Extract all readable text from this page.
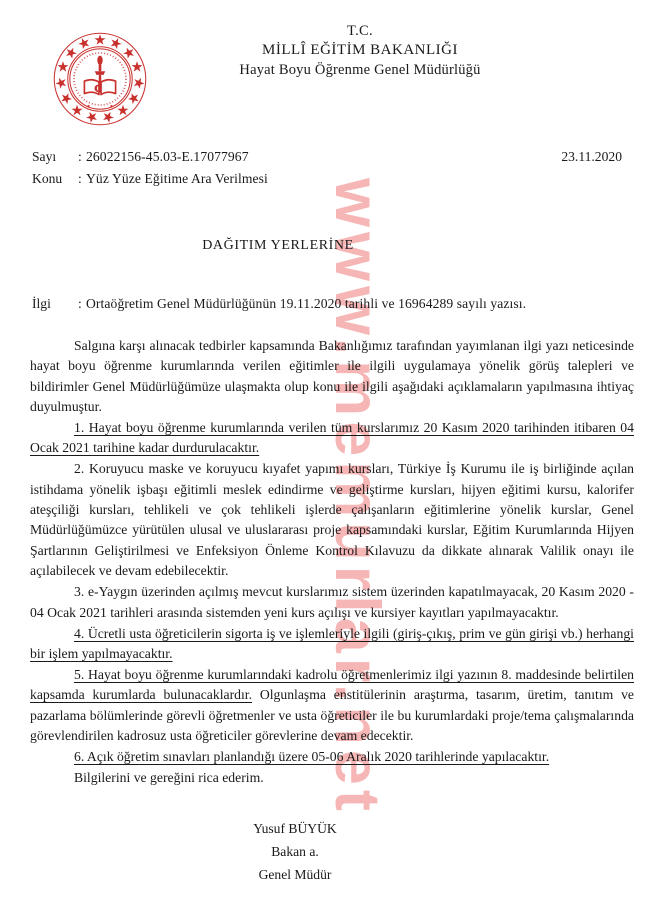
www.memurlar.net
T.C.
MİLLÎ EĞİTİM BAKANLIĞI
Hayat Boyu Öğrenme Genel Müdürlüğü
Sayı	: 26022156-45.03-E.17077967	23.11.2020
Konu	: Yüz Yüze Eğitime Ara Verilmesi
DAĞITIM YERLERİNE
İlgi	: Ortaöğretim Genel Müdürlüğünün 19.11.2020 tarihli ve 16964289 sayılı yazısı.

Salgına karşı alınacak tedbirler kapsamında Bakanlığımız tarafından yayımlanan ilgi yazı neticesinde hayat boyu öğrenme kurumlarında verilen eğitimler ile ilgili uygulamaya yönelik görüş talepleri ve bildirimler Genel Müdürlüğümüze ulaşmakta olup konu ile ilgili aşağıdaki açıklamaların yapılmasına ihtiyaç duyulmuştur.

1. Hayat boyu öğrenme kurumlarında verilen tüm kurslarımız 20 Kasım 2020 tarihinden itibaren 04 Ocak 2021 tarihine kadar durdurulacaktır.

2. Koruyucu maske ve koruyucu kıyafet yapımı kursları, Türkiye İş Kurumu ile iş birliğinde açılan istihdama yönelik işbaşı eğitimli meslek edindirme ve geliştirme kursları, hijyen eğitimi kursu, kalorifer ateşçiliği kursları, tehlikeli ve çok tehlikeli işlerde çalışanların eğitimlerine yönelik kurslar, Genel Müdürlüğümüzce yürütülen ulusal ve uluslararası proje kapsamındaki kurslar, Eğitim Kurumlarında Hijyen Şartlarının Geliştirilmesi ve Enfeksiyon Önleme Kontrol Kılavuzu da dikkate alınarak Valilik onayı ile açılabilecek ve devam edebilecektir.

3. e-Yaygın üzerinden açılmış mevcut kurslarımız sistem üzerinden kapatılmayacak, 20 Kasım 2020 - 04 Ocak 2021 tarihleri arasında sistemden yeni kurs açılışı ve kursiyer kayıtları yapılmayacaktır.

4. Ücretli usta öğreticilerin sigorta iş ve işlemleriyle ilgili (giriş-çıkış, prim ve gün girişi vb.) herhangi bir işlem yapılmayacaktır.

5. Hayat boyu öğrenme kurumlarındaki kadrolu öğretmenlerimiz ilgi yazının 8. maddesinde belirtilen kapsamda kurumlarda bulunacaklardır. Olgunlaşma enstitülerinin araştırma, tasarım, üretim, tanıtım ve pazarlama bölümlerinde görevli öğretmenler ve usta öğreticiler ile bu kurumlardaki proje/tema çalışmalarında görevlendirilen kadrosuz usta öğreticiler görevlerine devam edecektir.

6. Açık öğretim sınavları planlandığı üzere 05-06 Aralık 2020 tarihlerinde yapılacaktır.

Bilgilerini ve gereğini rica ederim.

Yusuf BÜYÜK
Bakan a.
Genel Müdür
